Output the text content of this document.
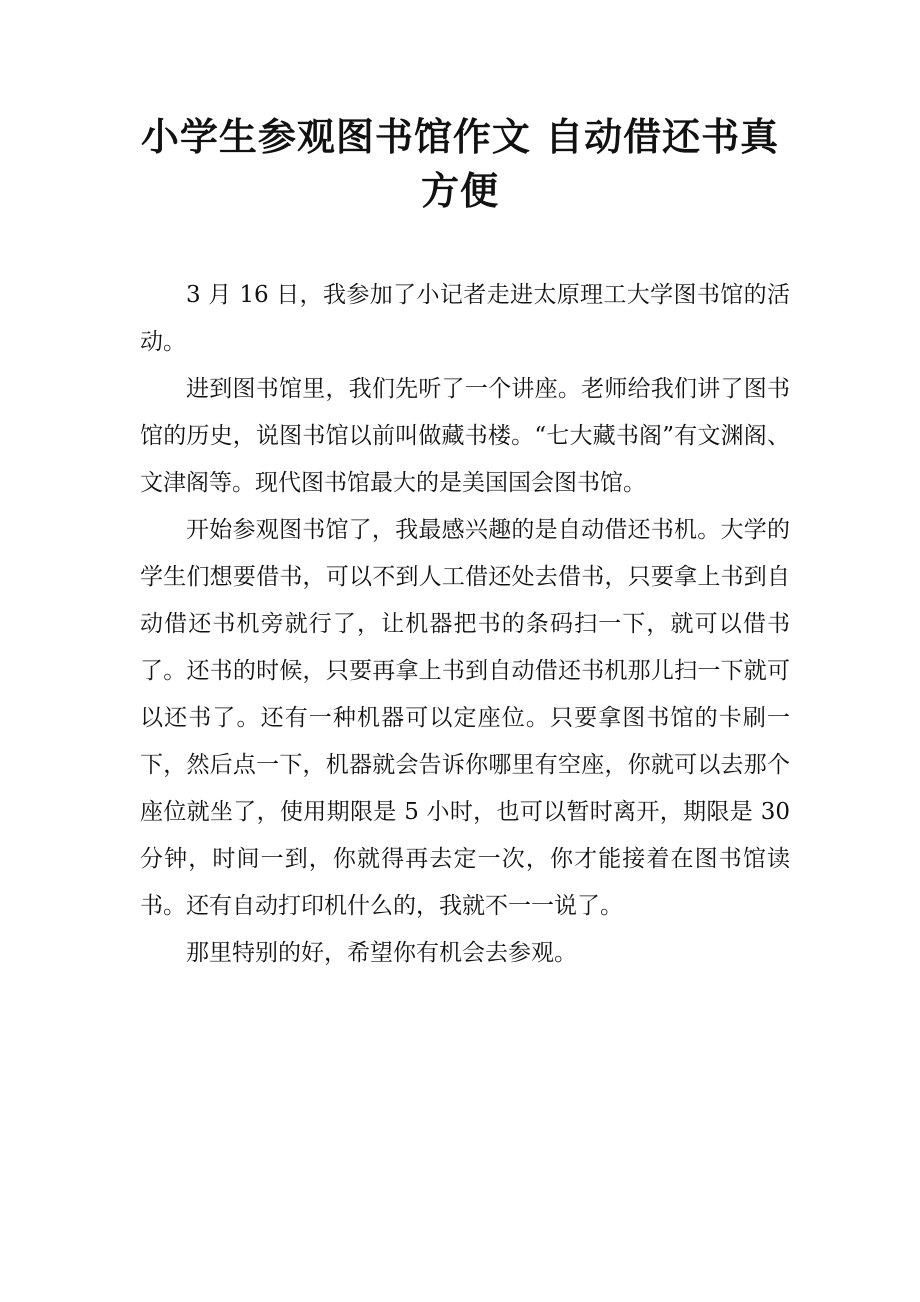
小学生参观图书馆作文 自动借还书真
方便

3 月 16 日，我参加了小记者走进太原理工大学图书馆的活动。

进到图书馆里，我们先听了一个讲座。老师给我们讲了图书馆的历史，说图书馆以前叫做藏书楼。“七大藏书阁”有文渊阁、文津阁等。现代图书馆最大的是美国国会图书馆。

开始参观图书馆了，我最感兴趣的是自动借还书机。大学的学生们想要借书，可以不到人工借还处去借书，只要拿上书到自动借还书机旁就行了，让机器把书的条码扫一下，就可以借书了。还书的时候，只要再拿上书到自动借还书机那儿扫一下就可以还书了。还有一种机器可以定座位。只要拿图书馆的卡刷一下，然后点一下，机器就会告诉你哪里有空座，你就可以去那个座位就坐了，使用期限是 5 小时，也可以暂时离开，期限是 30 分钟，时间一到，你就得再去定一次，你才能接着在图书馆读书。还有自动打印机什么的，我就不一一说了。

那里特别的好，希望你有机会去参观。
